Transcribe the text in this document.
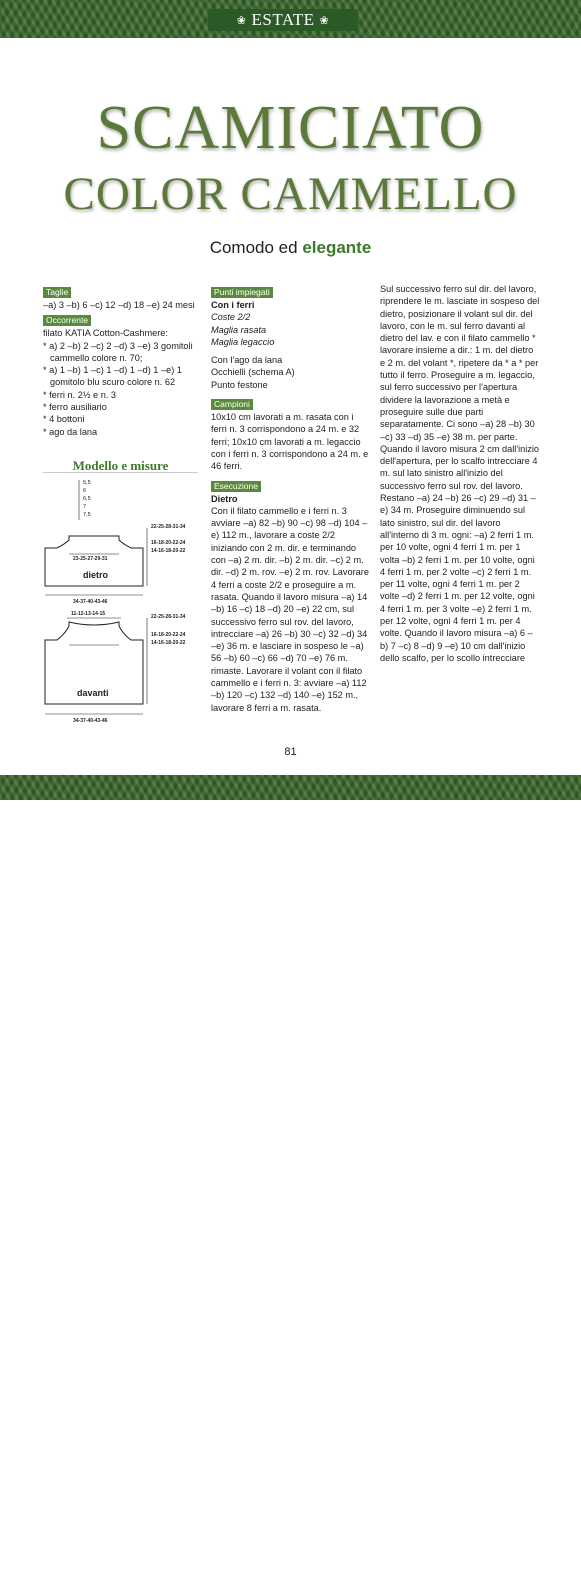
❀ ESTATE ❀
SCAMICIATO
COLOR CAMMELLO
Comodo ed elegante
Taglie

–a) 3 –b) 6 –c) 12 –d) 18 –e) 24 mesi

Occorrente

filato KATIA Cotton-Cashmere:

* a) 2 –b) 2 –c) 2 –d) 3 –e) 3 gomitoli cammello colore n. 70;

* a) 1 –b) 1 –c) 1 –d) 1 –d) 1 –e) 1 gomitolo blu scuro colore n. 62

* ferri n. 2½ e n. 3

* ferro ausiliario

* 4 bottoni

* ago da lana

Modello e misure
5,5
6
6,5
7
7,5
22-25-28-31-34
16-18-20-22-24
14-16-18-20-22
23-25-27-29-31
34-37-40-43-46
dietro
11-12-13-14-15	22-25-28-31-34
16-18-20-22-24
14-16-18-20-22
34-37-40-43-46
davanti
Punti impiegati

Con i ferri

Coste 2/2

Maglia rasata

Maglia legaccio

Con l'ago da lana

Occhielli (schema A)

Punto festone

Campioni

10x10 cm lavorati a m. rasata con i ferri n. 3 corrispondono a 24 m. e 32 ferri; 10x10 cm lavorati a m. legaccio con i ferri n. 3 corrispondono a 24 m. e 46 ferri.

Esecuzione

Dietro

Con il filato cammello e i ferri n. 3 avviare –a) 82 –b) 90 –c) 98 –d) 104 –e) 112 m., lavorare a coste 2/2 iniziando con 2 m. dir. e terminando con –a) 2 m. dir. –b) 2 m. dir. –c) 2 m. dir. –d) 2 m. rov. –e) 2 m. rov. Lavorare 4 ferri a coste 2/2 e proseguire a m. rasata. Quando il lavoro misura –a) 14 –b) 16 –c) 18 –d) 20 –e) 22 cm, sul successivo ferro sul rov. del lavoro, intrecciare –a) 26 –b) 30 –c) 32 –d) 34 –e) 36 m. e lasciare in sospeso le –a) 56 –b) 60 –c) 66 –d) 70 –e) 76 m. rimaste. Lavorare il volant con il filato cammello e i ferri n. 3: avviare –a) 112 –b) 120 –c) 132 –d) 140 –e) 152 m., lavorare 8 ferri a m. rasata.

Sul successivo ferro sul dir. del lavoro, riprendere le m. lasciate in sospeso del dietro, posizionare il volant sul dir. del lavoro, con le m. sul ferro davanti al dietro del lav. e con il filato cammello * lavorare insieme a dir.: 1 m. del dietro e 2 m. del volant *, ripetere da * a * per tutto il ferro. Proseguire a m. legaccio, sul ferro successivo per l'apertura dividere la lavorazione a metà e proseguire sulle due parti separatamente. Ci sono –a) 28 –b) 30 –c) 33 –d) 35 –e) 38 m. per parte. Quando il lavoro misura 2 cm dall'inizio dell'apertura, per lo scalfo intrecciare 4 m. sul lato sinistro all'inizio del successivo ferro sul rov. del lavoro. Restano –a) 24 –b) 26 –c) 29 –d) 31 –e) 34 m. Proseguire diminuendo sul lato sinistro, sul dir. del lavoro all'interno di 3 m. ogni: –a) 2 ferri 1 m. per 10 volte, ogni 4 ferri 1 m. per 1 volta –b) 2 ferri 1 m. per 10 volte, ogni 4 ferri 1 m. per 2 volte –c) 2 ferri 1 m. per 11 volte, ogni 4 ferri 1 m. per 2 volte –d) 2 ferri 1 m. per 12 volte, ogni 4 ferri 1 m. per 3 volte –e) 2 ferri 1 m. per 12 volte, ogni 4 ferri 1 m. per 4 volte. Quando il lavoro misura –a) 6 –b) 7 –c) 8 –d) 9 –e) 10 cm dall'inizio dello scalfo, per lo scollo intrecciare

81
PassionForum.ru
